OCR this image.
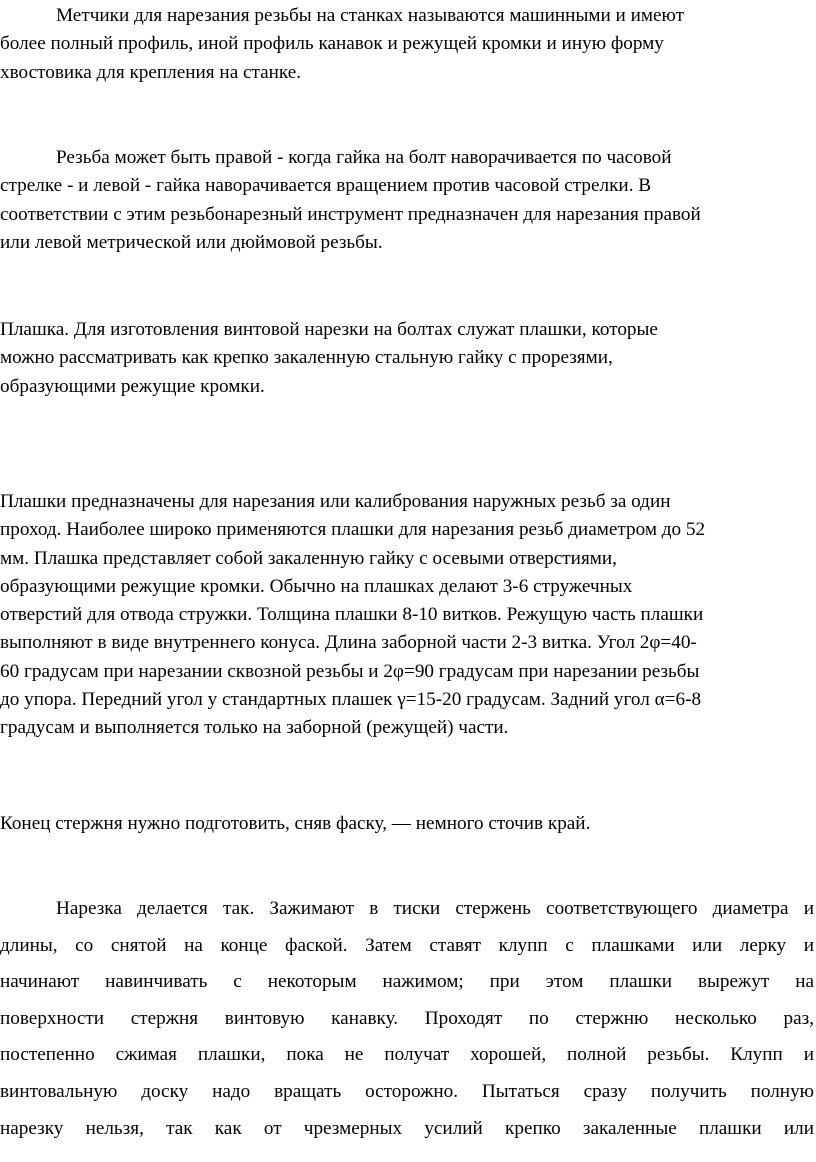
Метчики для нарезания резьбы на станках называются машинными и имеют
более полный профиль, иной профиль канавок и режущей кромки и иную форму
хвостовика для крепления на станке.

Резьба может быть правой - когда гайка на болт наворачивается по часовой
стрелке - и левой - гайка наворачивается вращением против часовой стрелки. В
соответствии с этим резьбонарезный инструмент предназначен для нарезания правой
или левой метрической или дюймовой резьбы.

Плашка. Для изготовления винтовой нарезки на болтах служат плашки, которые
можно рассматривать как крепко закаленную стальную гайку с прорезями,
образующими режущие кромки.

Плашки предназначены для нарезания или калибрования наружных резьб за один
проход. Наиболее широко применяются плашки для нарезания резьб диаметром до 52
мм. Плашка представляет собой закаленную гайку с осевыми отверстиями,
образующими режущие кромки. Обычно на плашках делают 3-6 стружечных
отверстий для отвода стружки. Толщина плашки 8-10 витков. Режущую часть плашки
выполняют в виде внутреннего конуса. Длина заборной части 2-3 витка. Угол 2φ=40-
60 градусам при нарезании сквозной резьбы и 2φ=90 градусам при нарезании резьбы
до упора. Передний угол у стандартных плашек γ=15-20 градусам. Задний угол α=6-8
градусам и выполняется только на заборной (режущей) части.

Конец стержня нужно подготовить, сняв фаску, — немного сточив край.

Нарезка делается так. Зажимают в тиски стержень соответствующего диаметра и
длины, со снятой на конце фаской. Затем ставят клупп с плашками или лерку и
начинают навинчивать с некоторым нажимом; при этом плашки вырежут на
поверхности стержня винтовую канавку. Проходят по стержню несколько раз,
постепенно сжимая плашки, пока не получат хорошей, полной резьбы. Клупп и
винтовальную доску надо вращать осторожно. Пытаться сразу получить полную
нарезку нельзя, так как от чрезмерных усилий крепко закаленные плашки или
